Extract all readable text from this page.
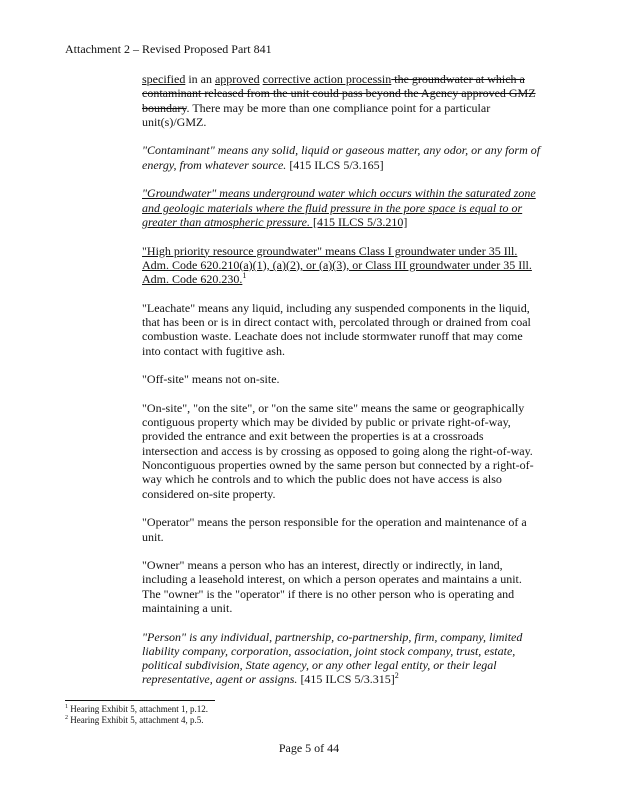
Attachment 2 – Revised Proposed Part 841

specified in an approved corrective action processin the groundwater at which a contaminant released from the unit could pass beyond the Agency approved GMZ boundary. There may be more than one compliance point for a particular unit(s)/GMZ.

"Contaminant" means any solid, liquid or gaseous matter, any odor, or any form of energy, from whatever source. [415 ILCS 5/3.165]

"Groundwater" means underground water which occurs within the saturated zone and geologic materials where the fluid pressure in the pore space is equal to or greater than atmospheric pressure. [415 ILCS 5/3.210]

"High priority resource groundwater" means Class I groundwater under 35 Ill. Adm. Code 620.210(a)(1), (a)(2), or (a)(3), or Class III groundwater under 35 Ill. Adm. Code 620.230.$^1$

"Leachate" means any liquid, including any suspended components in the liquid, that has been or is in direct contact with, percolated through or drained from coal combustion waste. Leachate does not include stormwater runoff that may come into contact with fugitive ash.

"Off-site" means not on-site.

"On-site", "on the site", or "on the same site" means the same or geographically contiguous property which may be divided by public or private right-of-way, provided the entrance and exit between the properties is at a crossroads intersection and access is by crossing as opposed to going along the right-of-way. Noncontiguous properties owned by the same person but connected by a right-of-way which he controls and to which the public does not have access is also considered on-site property.

"Operator" means the person responsible for the operation and maintenance of a unit.

"Owner" means a person who has an interest, directly or indirectly, in land, including a leasehold interest, on which a person operates and maintains a unit. The "owner" is the "operator" if there is no other person who is operating and maintaining a unit.

"Person" is any individual, partnership, co-partnership, firm, company, limited liability company, corporation, association, joint stock company, trust, estate, political subdivision, State agency, or any other legal entity, or their legal representative, agent or assigns. [415 ILCS 5/3.315]$^2$

$^1$ Hearing Exhibit 5, attachment 1, p.12.
$^2$ Hearing Exhibit 5, attachment 4, p.5.
Page 5 of 44
